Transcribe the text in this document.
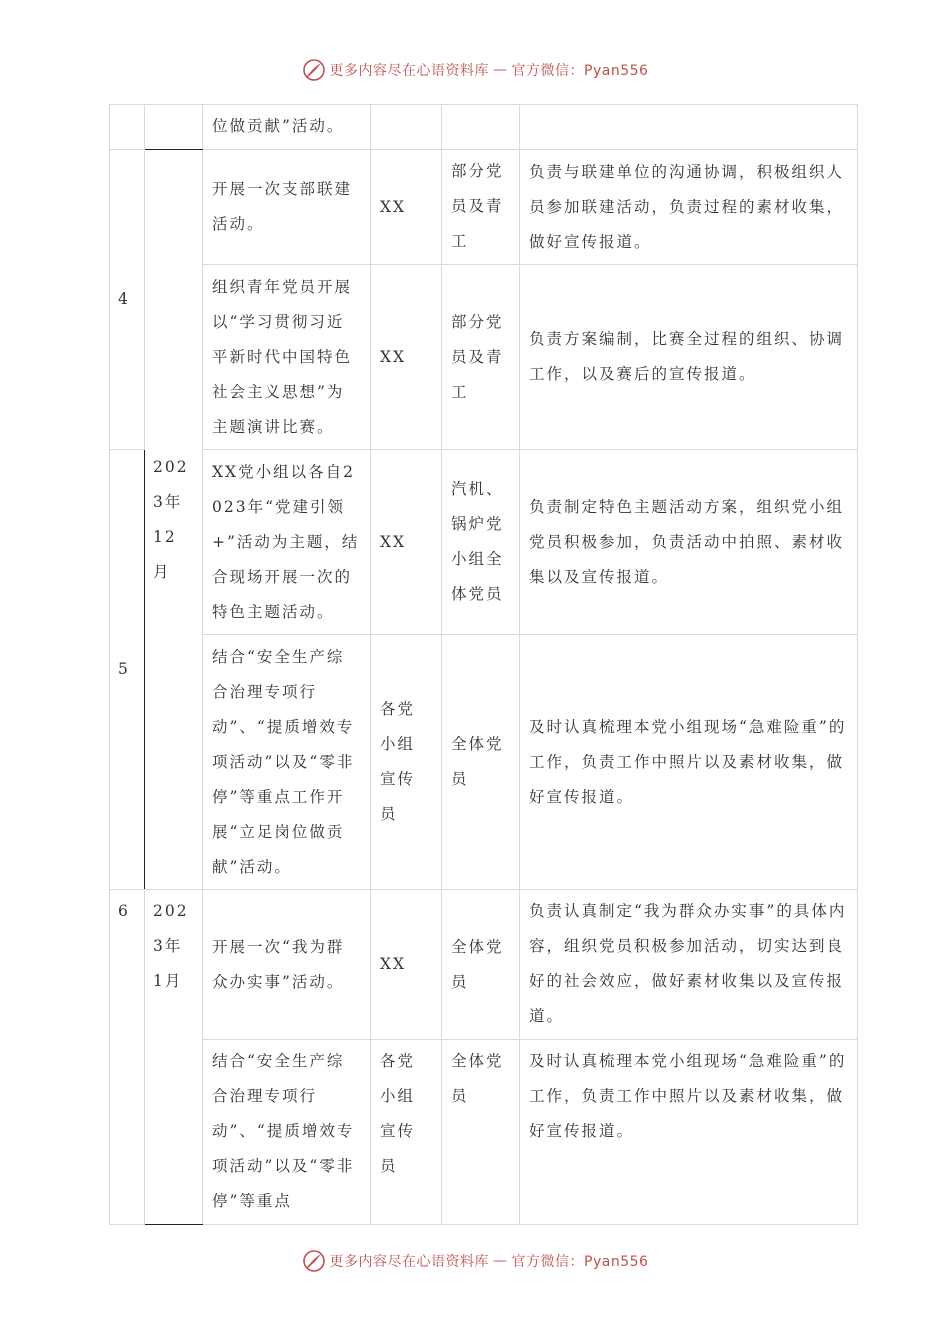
更多内容尽在心语资料库 — 官方微信：Pyan556
		位做贡献”活动。			
4	2023年12月	开展一次支部联建活动。	XX	部分党员及青工	负责与联建单位的沟通协调，积极组织人员参加联建活动，负责过程的素材收集，做好宣传报道。
		组织青年党员开展以“学习贯彻习近平新时代中国特色社会主义思想”为主题演讲比赛。	XX	部分党员及青工	负责方案编制，比赛全过程的组织、协调工作，以及赛后的宣传报道。
5		XX党小组以各自2023年“党建引领+”活动为主题，结合现场开展一次的特色主题活动。	XX	汽机、锅炉党小组全体党员	负责制定特色主题活动方案，组织党小组党员积极参加，负责活动中拍照、素材收集以及宣传报道。
		结合“安全生产综合治理专项行动”、“提质增效专项活动”以及“零非停”等重点工作开展“立足岗位做贡献”活动。	各党小组宣传员	全体党员	及时认真梳理本党小组现场“急难险重”的工作，负责工作中照片以及素材收集，做好宣传报道。
6	2023年1月	开展一次“我为群众办实事”活动。	XX	全体党员	负责认真制定“我为群众办实事”的具体内容，组织党员积极参加活动，切实达到良好的社会效应，做好素材收集以及宣传报道。
		结合“安全生产综合治理专项行动”、“提质增效专项活动”以及“零非停”等重点	各党小组宣传员	全体党员	及时认真梳理本党小组现场“急难险重”的工作，负责工作中照片以及素材收集，做好宣传报道。
更多内容尽在心语资料库 — 官方微信：Pyan556
